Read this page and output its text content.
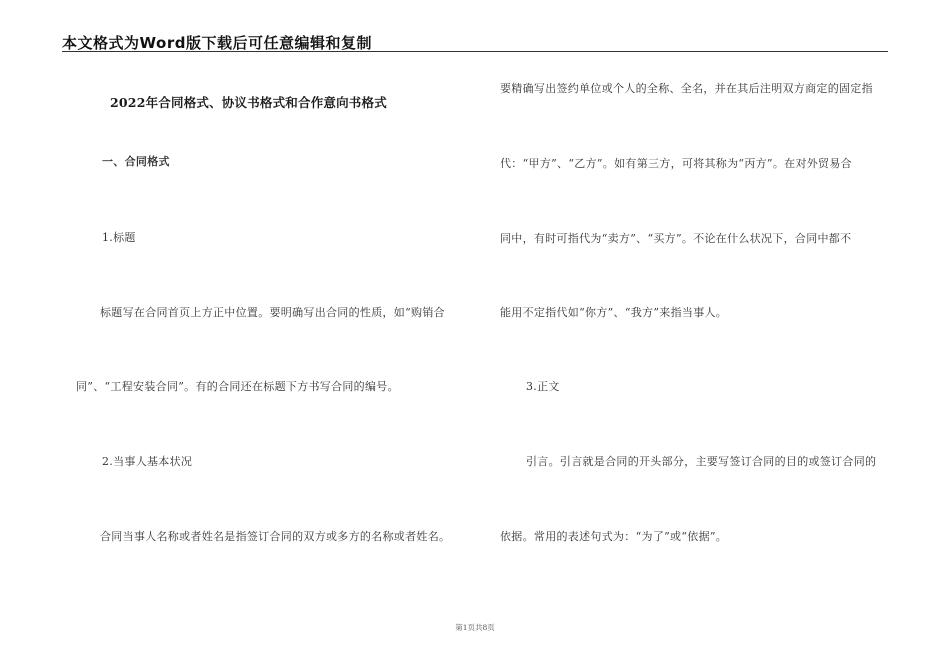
本文格式为Word版下载后可任意编辑和复制
2022年合同格式、协议书格式和合作意向书格式
一、合同格式
1.标题
标题写在合同首页上方正中位置。要明确写出合同的性质，如“购销合
同”、“工程安装合同”。有的合同还在标题下方书写合同的编号。
2.当事人基本状况
合同当事人名称或者姓名是指签订合同的双方或多方的名称或者姓名。
要精确写出签约单位或个人的全称、全名，并在其后注明双方商定的固定指
代：“甲方”、“乙方”。如有第三方，可将其称为“丙方”。在对外贸易合
同中，有时可指代为“卖方”、“买方”。不论在什么状况下，合同中都不
能用不定指代如“你方”、“我方”来指当事人。
3.正文
引言。引言就是合同的开头部分，主要写签订合同的目的或签订合同的
依据。常用的表述句式为：“为了”或“依据”。
第1页共8页
